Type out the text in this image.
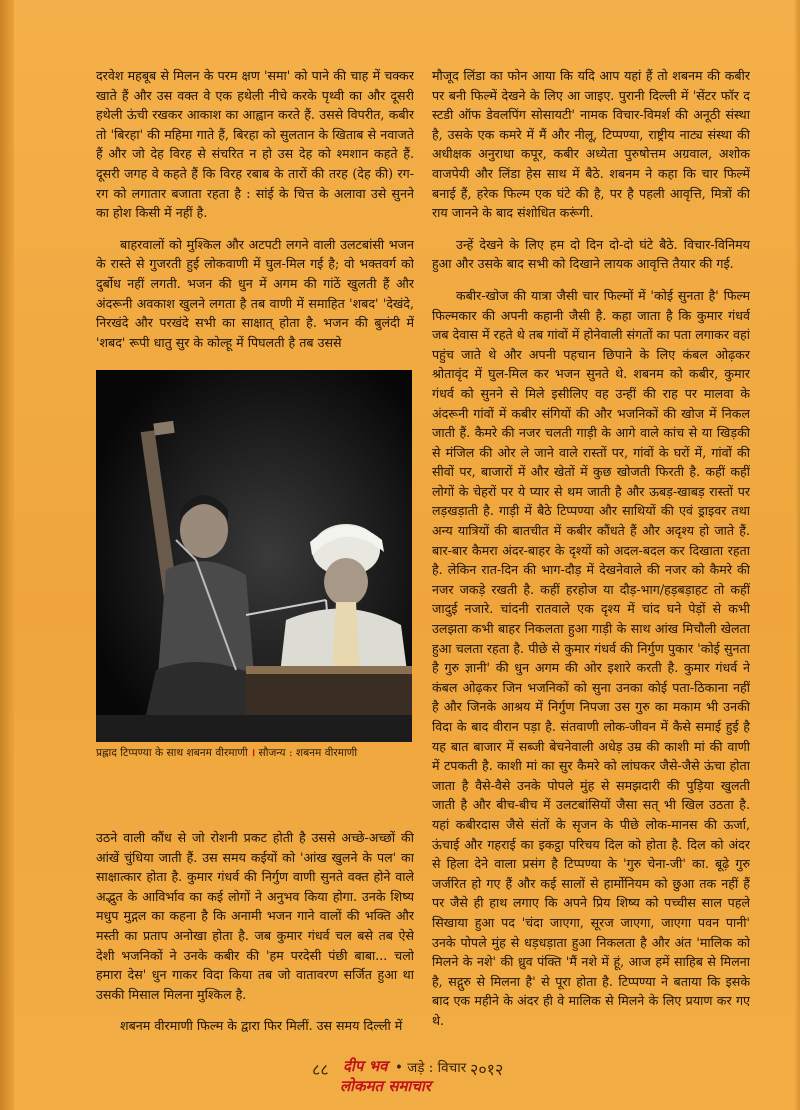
दरवेश महबूब से मिलन के परम क्षण 'समा' को पाने की चाह में चक्कर खाते हैं और उस वक्त वे एक हथेली नीचे करके पृथ्वी का और दूसरी हथेली ऊंची रखकर आकाश का आह्वान करते हैं. उससे विपरीत, कबीर तो 'बिरहा' की महिमा गाते हैं, बिरहा को सुलतान के खिताब से नवाजते हैं और जो देह विरह से संचरित न हो उस देह को श्मशान कहते हैं. दूसरी जगह वे कहते हैं कि विरह रबाब के तारों की तरह (देह की) रग-रग को लगातार बजाता रहता है : सांई के चित्त के अलावा उसे सुनने का होश किसी में नहीं है.

बाहरवालों को मुश्किल और अटपटी लगने वाली उलटबांसी भजन के रास्ते से गुजरती हुई लोकवाणी में घुल-मिल गई है; वो भक्तवर्ग को दुर्बोध नहीं लगती. भजन की धुन में अगम की गांठें खुलती हैं और अंदरूनी अवकाश खुलने लगता है तब वाणी में समाहित 'शबद' 'देखंदे, निरखंदे और परखंदे सभी का साक्षात् होता है. भजन की बुलंदी में 'शबद' रूपी धातु सुर के कोल्हू में पिघलती है तब उससे

प्रह्लाद टिप्पण्या के साथ शबनम वीरमाणी । सौजन्य : शबनम वीरमाणी

उठने वाली कौंध से जो रोशनी प्रकट होती है उससे अच्छे-अच्छों की आंखें चुंधिया जाती हैं. उस समय कईयों को 'आंख खुलने के पल' का साक्षात्कार होता है. कुमार गंधर्व की निर्गुण वाणी सुनते वक्त होने वाले अद्भुत के आविर्भाव का कई लोगों ने अनुभव किया होगा. उनके शिष्य मधुप मुद्गल का कहना है कि अनामी भजन गाने वालों की भक्ति और मस्ती का प्रताप अनोखा होता है. जब कुमार गंधर्व चल बसे तब ऐसे देशी भजनिकों ने उनके कबीर की 'हम परदेसी पंछी बाबा... चलो हमारा देस' धुन गाकर विदा किया तब जो वातावरण सर्जित हुआ था उसकी मिसाल मिलना मुश्किल है.

शबनम वीरमाणी फिल्म के द्वारा फिर मिलीं. उस समय दिल्ली में

मौजूद लिंडा का फोन आया कि यदि आप यहां हैं तो शबनम की कबीर पर बनी फिल्में देखने के लिए आ जाइए. पुरानी दिल्ली में 'सेंटर फॉर द स्टडी ऑफ डेवलपिंग सोसायटी' नामक विचार-विमर्श की अनूठी संस्था है, उसके एक कमरे में मैं और नीलू, टिप्पण्या, राष्ट्रीय नाट्य संस्था की अधीक्षक अनुराधा कपूर, कबीर अध्येता पुरुषोत्तम अग्रवाल, अशोक वाजपेयी और लिंडा हेस साथ में बैठे. शबनम ने कहा कि चार फिल्में बनाई हैं, हरेक फिल्म एक घंटे की है, पर है पहली आवृत्ति, मित्रों की राय जानने के बाद संशोधित करूंगी.

उन्हें देखने के लिए हम दो दिन दो-दो घंटे बैठे. विचार-विनिमय हुआ और उसके बाद सभी को दिखाने लायक आवृत्ति तैयार की गई.

कबीर-खोज की यात्रा जैसी चार फिल्मों में 'कोई सुनता है' फिल्म फिल्मकार की अपनी कहानी जैसी है. कहा जाता है कि कुमार गंधर्व जब देवास में रहते थे तब गांवों में होनेवाली संगतों का पता लगाकर वहां पहुंच जाते थे और अपनी पहचान छिपाने के लिए कंबल ओढ़कर श्रोतावृंद में घुल-मिल कर भजन सुनते थे. शबनम को कबीर, कुमार गंधर्व को सुनने से मिले इसीलिए वह उन्हीं की राह पर मालवा के अंदरूनी गांवों में कबीर संगियों की और भजनिकों की खोज में निकल जाती हैं. कैमरे की नजर चलती गाड़ी के आगे वाले कांच से या खिड़की से मंजिल की ओर ले जाने वाले रास्तों पर, गांवों के घरों में, गांवों की सीवों पर, बाजारों में और खेतों में कुछ खोजती फिरती है. कहीं कहीं लोगों के चेहरों पर ये प्यार से थम जाती है और ऊबड़-खाबड़ रास्तों पर लड़खड़ाती है. गाड़ी में बैठे टिप्पण्या और साथियों की एवं ड्राइवर तथा अन्य यात्रियों की बातचीत में कबीर कौंधते हैं और अदृश्य हो जाते हैं. बार-बार कैमरा अंदर-बाहर के दृश्यों को अदल-बदल कर दिखाता रहता है. लेकिन रात-दिन की भाग-दौड़ में देखनेवाले की नजर को कैमरे की नजर जकड़े रखती है. कहीं हरहोज या दौड़-भाग/हड़बड़ाहट तो कहीं जादुई नजारे. चांदनी रातवाले एक दृश्य में चांद घने पेड़ों से कभी उलझता कभी बाहर निकलता हुआ गाड़ी के साथ आंख मिचौली खेलता हुआ चलता रहता है. पीछे से कुमार गंधर्व की निर्गुण पुकार 'कोई सुनता है गुरु ज्ञानी' की धुन अगम की ओर इशारे करती है. कुमार गंधर्व ने कंबल ओढ़कर जिन भजनिकों को सुना उनका कोई पता-ठिकाना नहीं है और जिनके आश्रय में निर्गुण निपजा उस गुरु का मकाम भी उनकी विदा के बाद वीरान पड़ा है. संतवाणी लोक-जीवन में कैसे समाई हुई है यह बात बाजार में सब्जी बेचनेवाली अधेड़ उम्र की काशी मां की वाणी में टपकती है. काशी मां का सुर कैमरे को लांघकर जैसे-जैसे ऊंचा होता जाता है वैसे-वैसे उनके पोपले मुंह से समझदारी की पुड़िया खुलती जाती है और बीच-बीच में उलटबांसियों जैसा सत् भी खिल उठता है. यहां कबीरदास जैसे संतों के सृजन के पीछे लोक-मानस की ऊर्जा, ऊंचाई और गहराई का इकट्ठा परिचय दिल को होता है. दिल को अंदर से हिला देने वाला प्रसंग है टिप्पण्या के 'गुरु चेना-जी' का. बूढ़े गुरु जर्जरित हो गए हैं और कई सालों से हार्मोनियम को छुआ तक नहीं हैं पर जैसे ही हाथ लगाए कि अपने प्रिय शिष्य को पच्चीस साल पहले सिखाया हुआ पद 'चंदा जाएगा, सूरज जाएगा, जाएगा पवन पानी' उनके पोपले मुंह से धड़धड़ाता हुआ निकलता है और अंत 'मालिक को मिलने के नशे' की ध्रुव पंक्ति 'मैं नशे में हूं, आज हमें साहिब से मिलना है, सद्गुरु से मिलना है' से पूरा होता है. टिप्पण्या ने बताया कि इसके बाद एक महीने के अंदर ही वे मालिक से मिलने के लिए प्रयाण कर गए थे.

८८ दीप भव • जड़े : विचार २०१२
लोकमत समाचार
